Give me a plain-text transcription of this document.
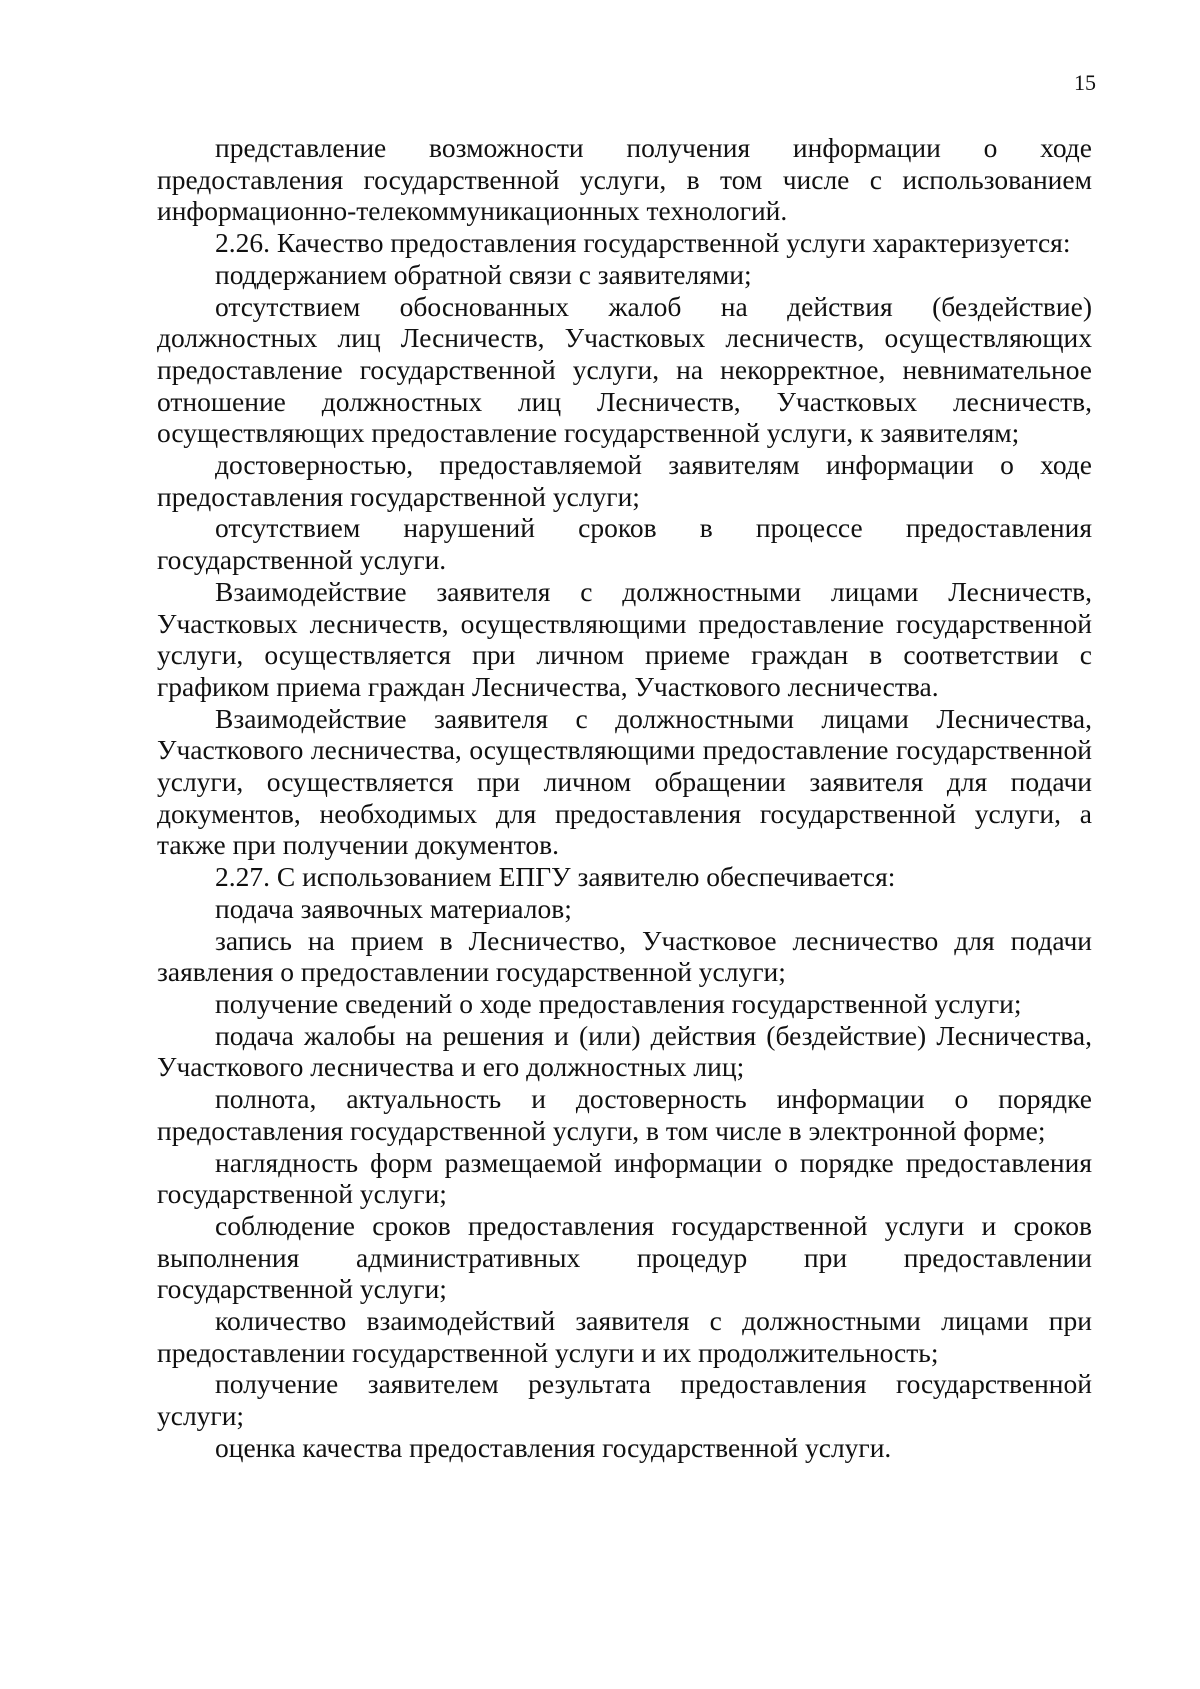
15

представление возможности получения информации о ходе предоставления государственной услуги, в том числе с использованием информационно-телекоммуникационных технологий.

2.26. Качество предоставления государственной услуги характеризуется:

поддержанием обратной связи с заявителями;

отсутствием обоснованных жалоб на действия (бездействие) должностных лиц Лесничеств, Участковых лесничеств, осуществляющих предоставление государственной услуги, на некорректное, невнимательное отношение должностных лиц Лесничеств, Участковых лесничеств, осуществляющих предоставление государственной услуги, к заявителям;

достоверностью, предоставляемой заявителям информации о ходе предоставления государственной услуги;

отсутствием нарушений сроков в процессе предоставления государственной услуги.

Взаимодействие заявителя с должностными лицами Лесничеств, Участковых лесничеств, осуществляющими предоставление государственной услуги, осуществляется при личном приеме граждан в соответствии с графиком приема граждан Лесничества, Участкового лесничества.

Взаимодействие заявителя с должностными лицами Лесничества, Участкового лесничества, осуществляющими предоставление государственной услуги, осуществляется при личном обращении заявителя для подачи документов, необходимых для предоставления государственной услуги, а также при получении документов.

2.27. С использованием ЕПГУ заявителю обеспечивается:

подача заявочных материалов;

запись на прием в Лесничество, Участковое лесничество для подачи заявления о предоставлении государственной услуги;

получение сведений о ходе предоставления государственной услуги;

подача жалобы на решения и (или) действия (бездействие) Лесничества, Участкового лесничества и его должностных лиц;

полнота, актуальность и достоверность информации о порядке предоставления государственной услуги, в том числе в электронной форме;

наглядность форм размещаемой информации о порядке предоставления государственной услуги;

соблюдение сроков предоставления государственной услуги и сроков выполнения административных процедур при предоставлении государственной услуги;

количество взаимодействий заявителя с должностными лицами при предоставлении государственной услуги и их продолжительность;

получение заявителем результата предоставления государственной услуги;

оценка качества предоставления государственной услуги.
